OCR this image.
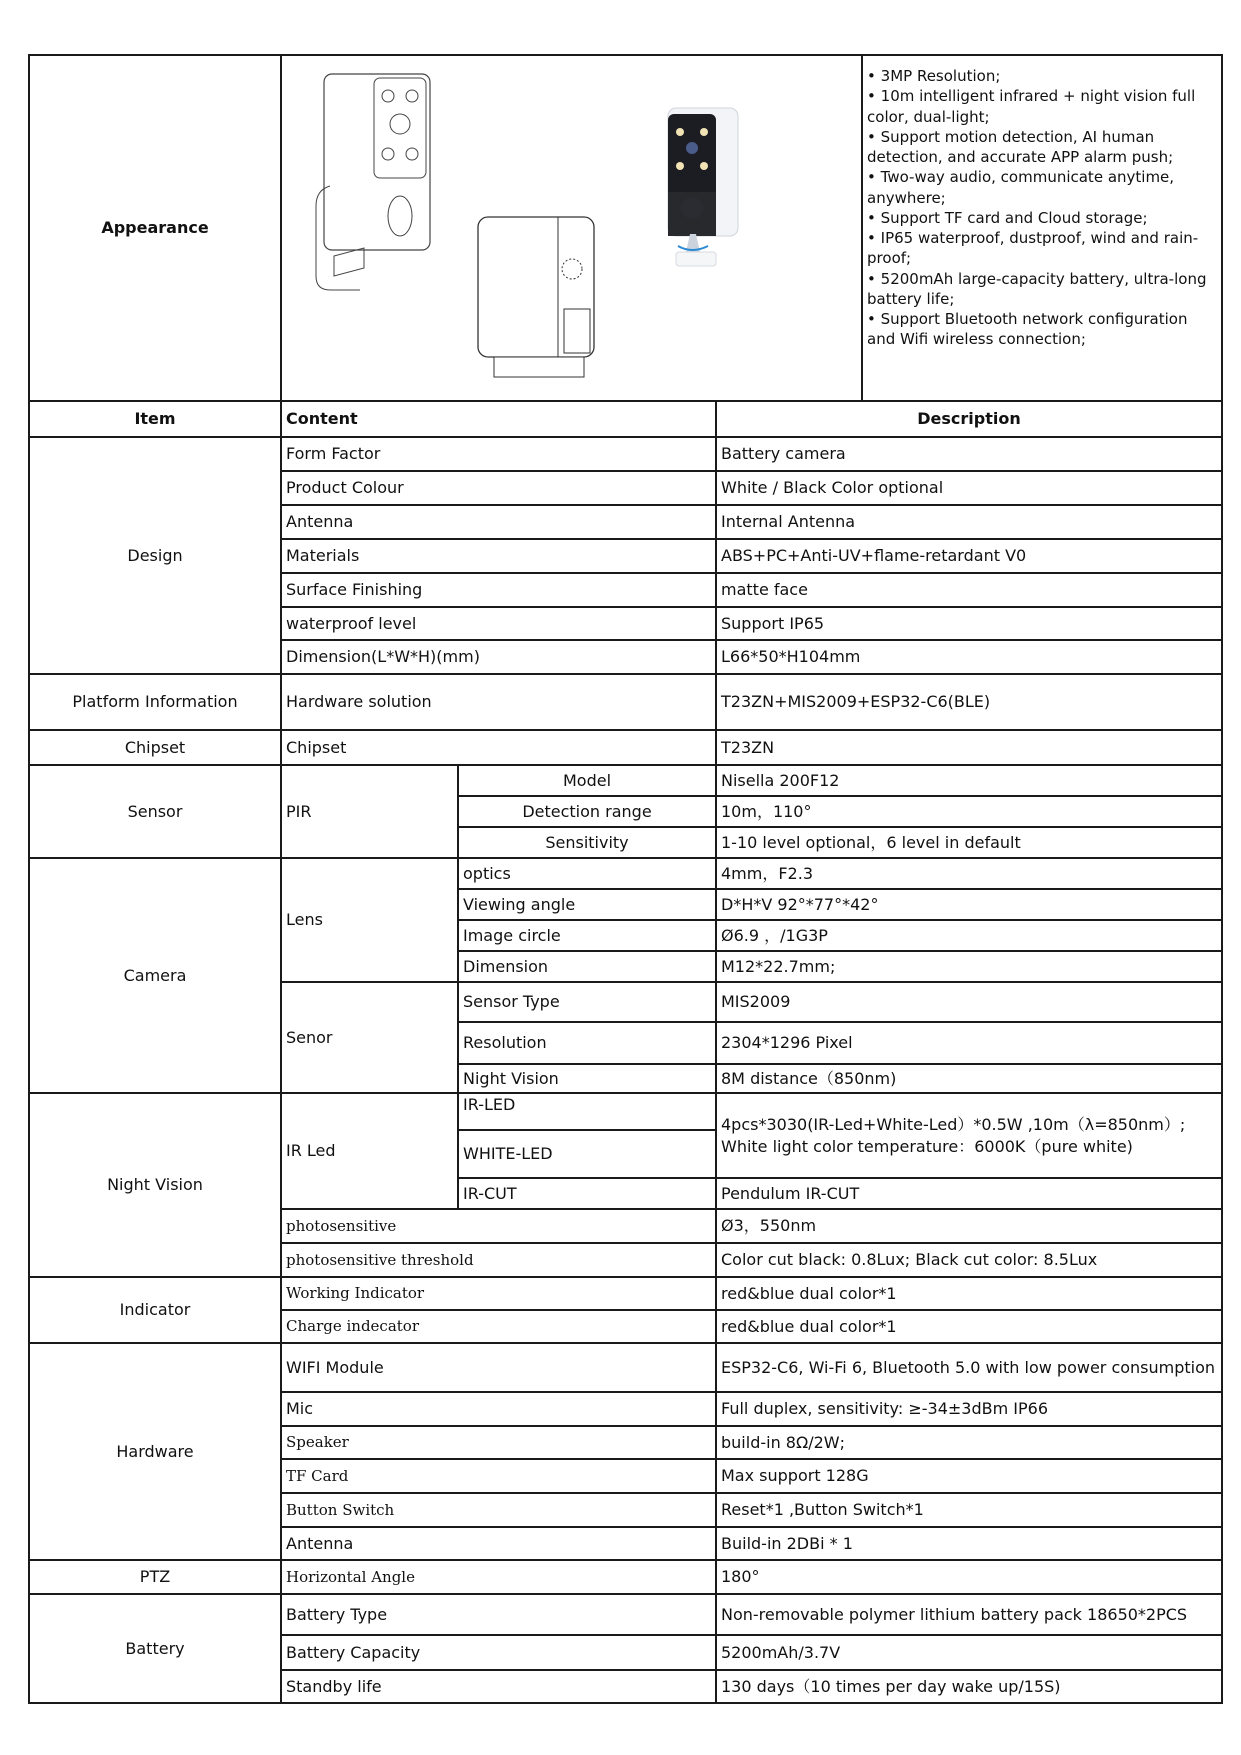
Appearance	

• 3MP Resolution;
• 10m intelligent infrared + night vision full color, dual-light;
• Support motion detection, AI human detection, and accurate APP alarm push;
• Two-way audio, communicate anytime, anywhere;
• Support TF card and Cloud storage;
• IP65 waterproof, dustproof, wind and rain-proof;
• 5200mAh large-capacity battery, ultra-long battery life;
• Support Bluetooth network configuration and Wifi wireless connection;

Item	Content		Description	
Design	Form Factor		Battery camera	
	Product Colour		White / Black Color optional	
	Antenna		Internal Antenna	
	Materials		ABS+PC+Anti-UV+flame-retardant V0	
	Surface Finishing		matte face	
	waterproof level		Support IP65	
	Dimension(L*W*H)(mm)		L66*50*H104mm	
Platform Information	Hardware solution		T23ZN+MIS2009+ESP32-C6(BLE)	
Chipset	Chipset		T23ZN	
Sensor	PIR	Model	Nisella 200F12	
		Detection range	10m，110°	
		Sensitivity	1-10 level optional，6 level in default	
Camera	Lens	optics	4mm，F2.3	
		Viewing angle	D*H*V 92°*77°*42°	
		Image circle	Ø6.9 ，/1G3P	
		Dimension	M12*22.7mm;	
	Senor	Sensor Type	MIS2009	
		Resolution	2304*1296 Pixel	
		Night Vision	8M distance（850nm)	
Night Vision	IR Led	IR-LED	4pcs*3030(IR-Led+White-Led）*0.5W ,10m（λ=850nm）;
White light color temperature：6000K（pure white)	

		WHITE-LED		
		IR-CUT	Pendulum IR-CUT	
	photosensitive		Ø3，550nm	
	photosensitive threshold		Color cut black: 0.8Lux; Black cut color: 8.5Lux	
Indicator	Working Indicator		red&blue dual color*1	
	Charge indecator		red&blue dual color*1	
Hardware	WIFI Module		ESP32-C6, Wi-Fi 6, Bluetooth 5.0 with low power consumption	
	Mic		Full duplex, sensitivity: ≥-34±3dBm IP66	
	Speaker		build-in 8Ω/2W;	
	TF Card		Max support 128G	
	Button Switch		Reset*1 ,Button Switch*1	
	Antenna		Build-in 2DBi * 1	
PTZ	Horizontal Angle		180°	
Battery	Battery Type		Non-removable polymer lithium battery pack 18650*2PCS	
	Battery Capacity		5200mAh/3.7V	
	Standby life		130 days（10 times per day wake up/15S)	
